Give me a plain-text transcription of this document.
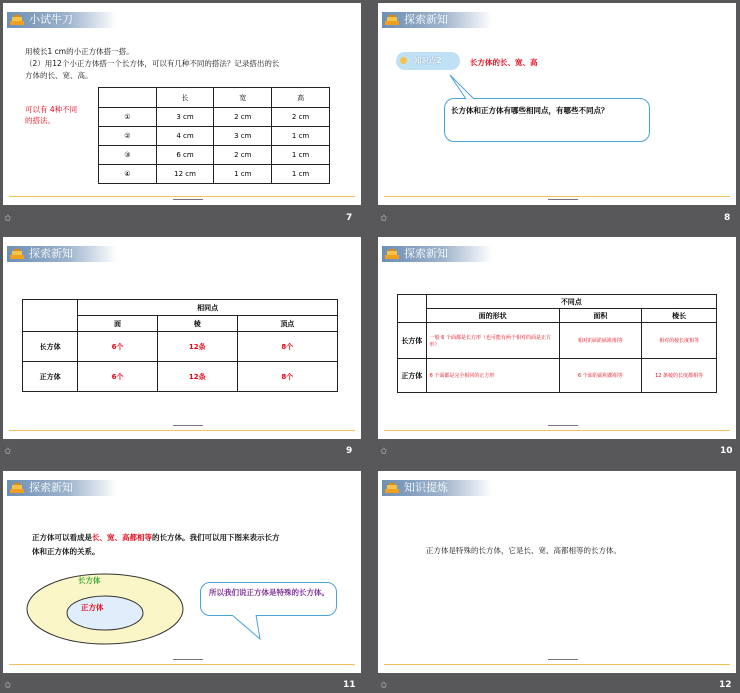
小试牛刀
用棱长1 cm的小正方体搭一搭。
（2）用12个小正方体搭一个长方体，可以有几种不同的搭法？记录搭出的长
方体的长、宽、高。
可以有 4种不同
的搭法。
	长	宽	高
①	3 cm	2 cm	2 cm
②	4 cm	3 cm	1 cm
③	6 cm	2 cm	1 cm
④	12 cm	1 cm	1 cm
✩	7
探索新知
知识点2	长方体的长、宽、高
长方体和正方体有哪些相同点，有哪些不同点？
✩	8
探索新知
	相同点		
	面	棱	顶点
长方体	6个	12条	8个
正方体	6个	12条	8个
✩	9
探索新知
	不同点		
	面的形状	面积	棱长
长方体	一般 6 个面都是长方形（也可能有两个相对的面是正方形）	相对的面的面积相等	相对的棱长度相等
正方体	6 个面都是完全相同的正方形	6 个面的面积都相等	12 条棱的长度都相等
✩	10
探索新知
正方体可以看成是长、宽、高都相等的长方体。我们可以用下图来表示长方
体和正方体的关系。
长方体
正方体
所以我们说正方体是特殊的长方体。
✩	11
知识提炼
正方体是特殊的长方体，它是长、宽、高都相等的长方体。
✩	12
